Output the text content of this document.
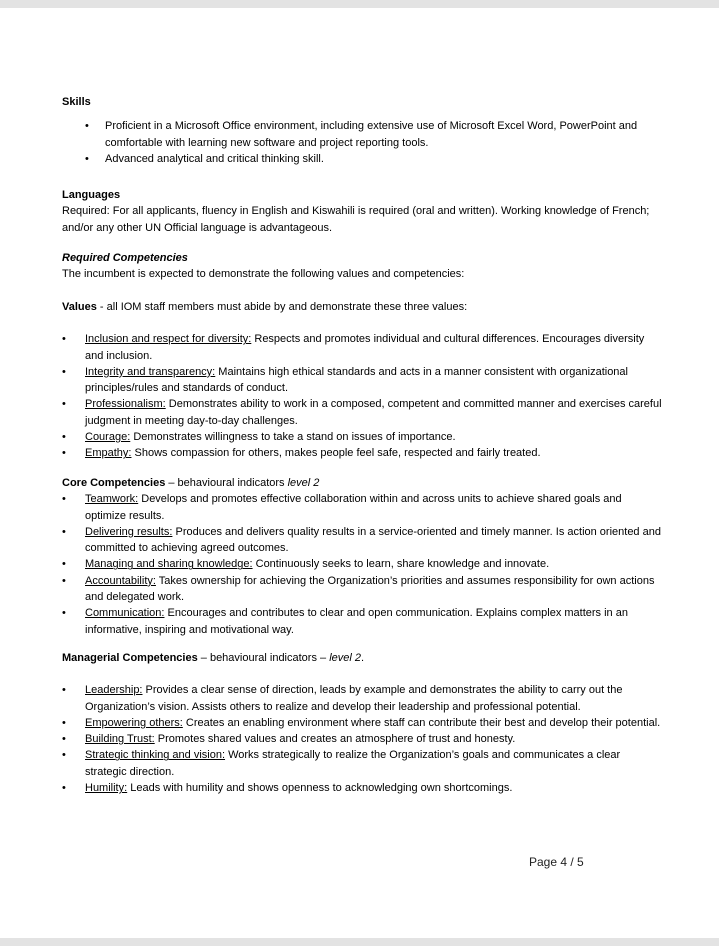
Skills
• Proficient in a Microsoft Office environment, including extensive use of Microsoft Excel Word, PowerPoint and comfortable with learning new software and project reporting tools.
• Advanced analytical and critical thinking skill.
Languages
Required: For all applicants, fluency in English and Kiswahili is required (oral and written). Working knowledge of French; and/or any other UN Official language is advantageous.
Required Competencies
The incumbent is expected to demonstrate the following values and competencies:
Values - all IOM staff members must abide by and demonstrate these three values:
• Inclusion and respect for diversity: Respects and promotes individual and cultural differences. Encourages diversity and inclusion.
• Integrity and transparency: Maintains high ethical standards and acts in a manner consistent with organizational principles/rules and standards of conduct.
• Professionalism: Demonstrates ability to work in a composed, competent and committed manner and exercises careful judgment in meeting day-to-day challenges.
• Courage: Demonstrates willingness to take a stand on issues of importance.
• Empathy: Shows compassion for others, makes people feel safe, respected and fairly treated.
Core Competencies – behavioural indicators level 2
• Teamwork: Develops and promotes effective collaboration within and across units to achieve shared goals and optimize results.
• Delivering results: Produces and delivers quality results in a service-oriented and timely manner. Is action oriented and committed to achieving agreed outcomes.
• Managing and sharing knowledge: Continuously seeks to learn, share knowledge and innovate.
• Accountability: Takes ownership for achieving the Organization’s priorities and assumes responsibility for own actions and delegated work.
• Communication: Encourages and contributes to clear and open communication. Explains complex matters in an informative, inspiring and motivational way.
Managerial Competencies – behavioural indicators – level 2.
• Leadership: Provides a clear sense of direction, leads by example and demonstrates the ability to carry out the Organization’s vision. Assists others to realize and develop their leadership and professional potential.
• Empowering others: Creates an enabling environment where staff can contribute their best and develop their potential.
• Building Trust: Promotes shared values and creates an atmosphere of trust and honesty.
• Strategic thinking and vision: Works strategically to realize the Organization’s goals and communicates a clear strategic direction.
• Humility: Leads with humility and shows openness to acknowledging own shortcomings.
Page 4 / 5
